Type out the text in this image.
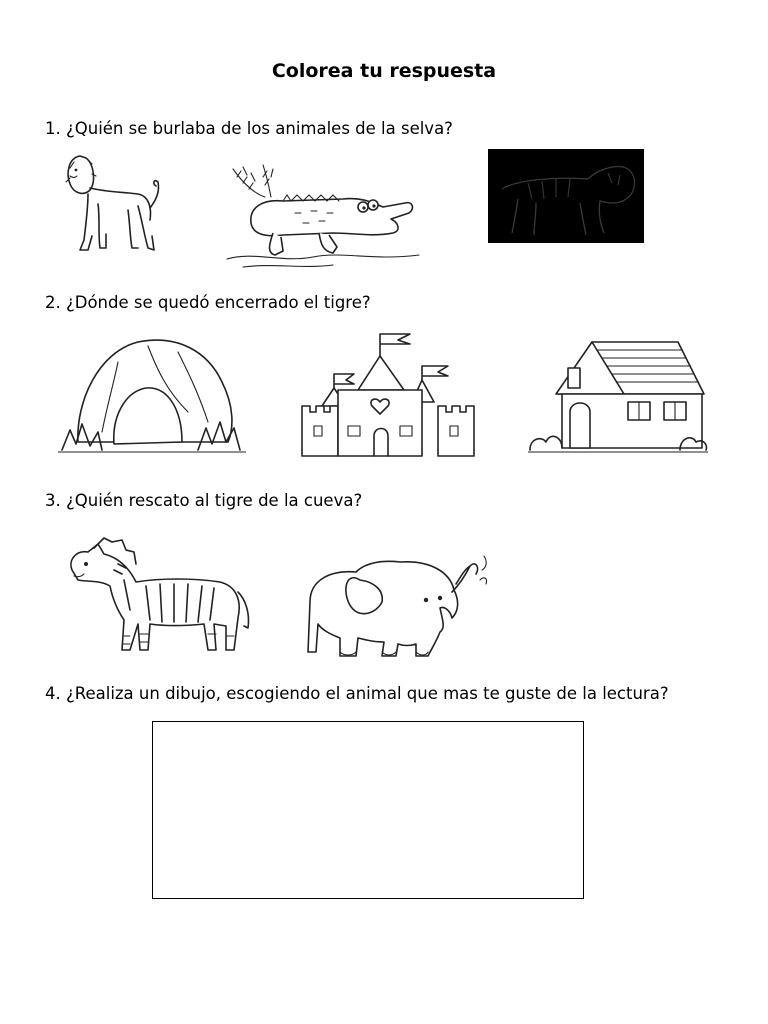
Colorea tu respuesta

1. ¿Quién se burlaba de los animales de la selva?

2. ¿Dónde se quedó encerrado el tigre?

3. ¿Quién rescato al tigre de la cueva?

4. ¿Realiza un dibujo, escogiendo el animal que mas te guste de la lectura?
